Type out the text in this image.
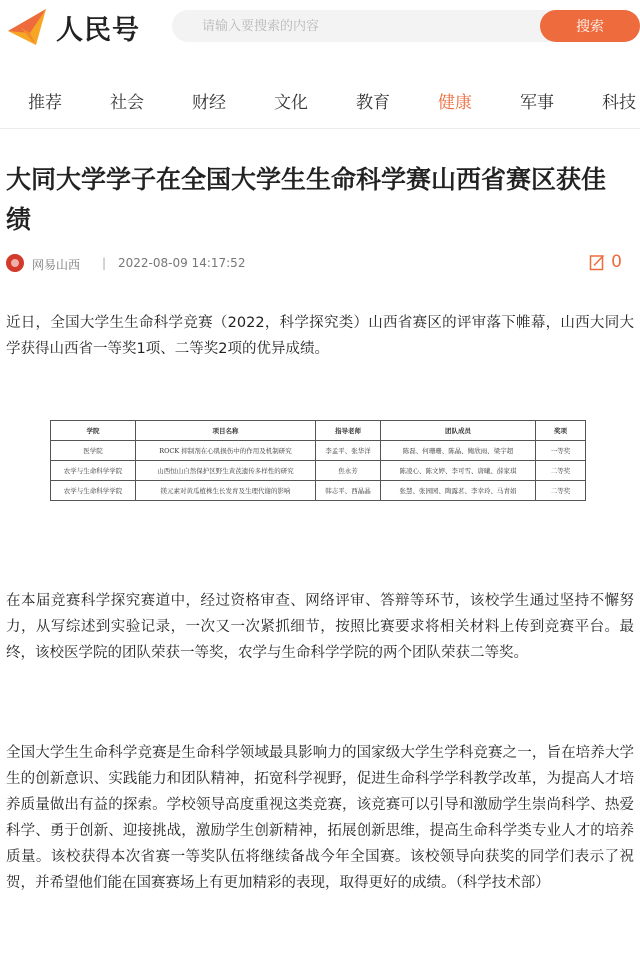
人民号
请输入要搜索的内容	搜索
推荐	社会	财经	文化	教育	健康	军事	科技
大同大学学子在全国大学生生命科学赛山西省赛区获佳绩
网易山西 | 2022-08-09 14:17:52	0

近日，全国大学生生命科学竞赛（2022，科学探究类）山西省赛区的评审落下帷幕，山西大同大学获得山西省一等奖1项、二等奖2项的优异成绩。

学院	项目名称	指导老师	团队成员	奖项
医学院	ROCK 抑制剂在心肌损伤中的作用及机制研究	李孟平、张华洋	陈磊、何珊珊、陈晶、鲍欣雨、梁宇超	一等奖
农学与生命科学学院	山西恒山自然保护区野生黄芪遗传多样性的研究	焦永芳	陈凌心、陈文婷、李可雪、唐曦、薛家琪	二等奖
农学与生命科学学院	镁元素对黄瓜植株生长发育及生理代谢的影响	韩志平、西晶晶	张慧、张园园、陶露茗、李幸玲、马青娟	二等奖

在本届竞赛科学探究赛道中，经过资格审查、网络评审、答辩等环节，该校学生通过坚持不懈努力，从写综述到实验记录，一次又一次紧抓细节，按照比赛要求将相关材料上传到竞赛平台。最终，该校医学院的团队荣获一等奖，农学与生命科学学院的两个团队荣获二等奖。

全国大学生生命科学竞赛是生命科学领域最具影响力的国家级大学生学科竞赛之一，旨在培养大学生的创新意识、实践能力和团队精神，拓宽科学视野，促进生命科学学科教学改革，为提高人才培养质量做出有益的探索。学校领导高度重视这类竞赛，该竞赛可以引导和激励学生崇尚科学、热爱科学、勇于创新、迎接挑战，激励学生创新精神，拓展创新思维，提高生命科学类专业人才的培养质量。该校获得本次省赛一等奖队伍将继续备战今年全国赛。该校领导向获奖的同学们表示了祝贺，并希望他们能在国赛赛场上有更加精彩的表现，取得更好的成绩。（科学技术部）
